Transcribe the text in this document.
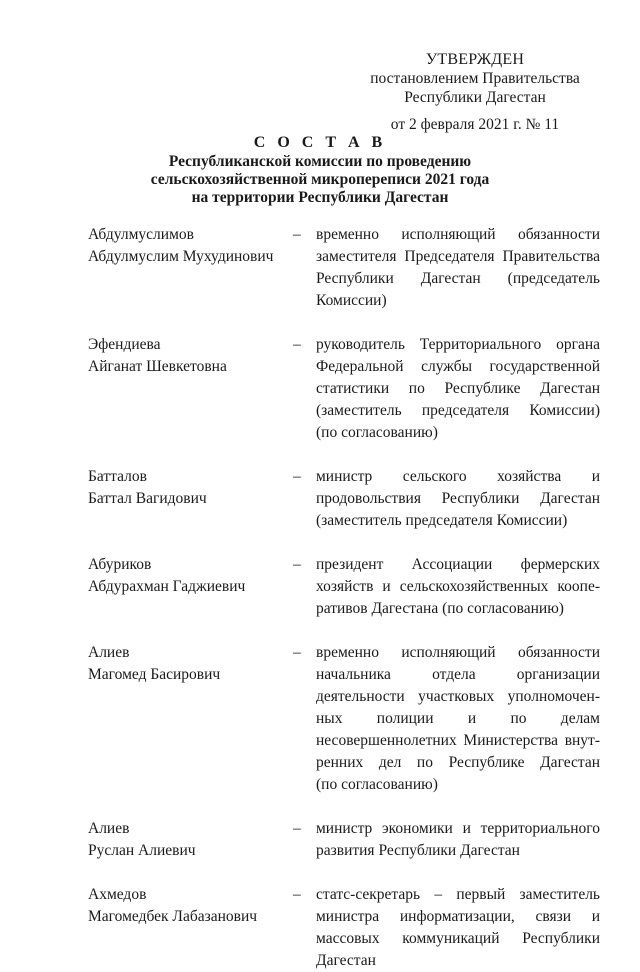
УТВЕРЖДЕН
постановлением Правительства
Республики Дагестан
от 2 февраля 2021 г. № 11
С О С Т А В
Республиканской комиссии по проведению
сельскохозяйственной микропереписи 2021 года
на территории Республики Дагестан
Абдулмуслимов
Абдулмуслим Мухудинович
– временно исполняющий обязанности
заместителя Председателя Правительства
Республики Дагестан (председатель
Комиссии)
Эфендиева
Айганат Шевкетовна
– руководитель Территориального органа
Федеральной службы государственной
статистики по Республике Дагестан
(заместитель председателя Комиссии)
(по согласованию)
Батталов
Баттал Вагидович
– министр сельского хозяйства и
продовольствия Республики Дагестан
(заместитель председателя Комиссии)
Абуриков
Абдурахман Гаджиевич
– президент Ассоциации фермерских
хозяйств и сельскохозяйственных коопе-
ративов Дагестана (по согласованию)
Алиев
Магомед Басирович
– временно исполняющий обязанности
начальника отдела организации
деятельности участковых уполномочен-
ных полиции и по делам
несовершеннолетних Министерства внут-
ренних дел по Республике Дагестан
(по согласованию)
Алиев
Руслан Алиевич
– министр экономики и территориального
развития Республики Дагестан
Ахмедов
Магомедбек Лабазанович
– статс-секретарь – первый заместитель
министра информатизации, связи и
массовых коммуникаций Республики
Дагестан
